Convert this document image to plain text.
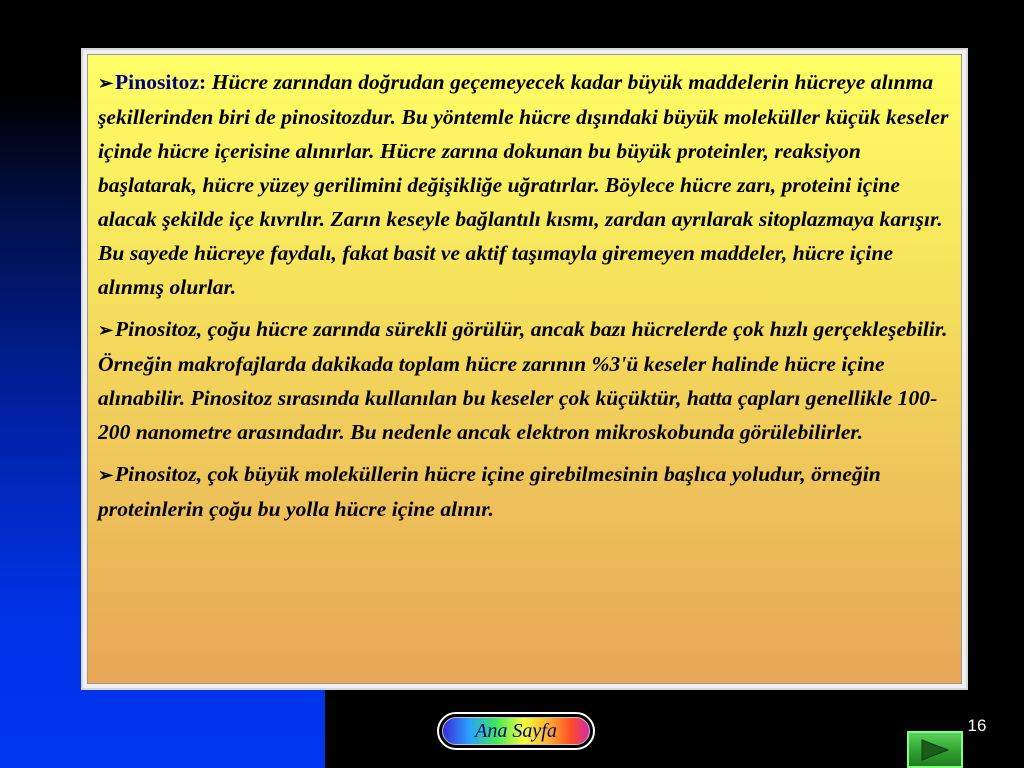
➢Pinositoz: Hücre zarından doğrudan geçemeyecek kadar büyük maddelerin hücreye alınma şekillerinden biri de pinositozdur. Bu yöntemle hücre dışındaki büyük moleküller küçük keseler içinde hücre içerisine alınırlar. Hücre zarına dokunan bu büyük proteinler, reaksiyon başlatarak, hücre yüzey gerilimini değişikliğe uğratırlar. Böylece hücre zarı, proteini içine alacak şekilde içe kıvrılır. Zarın keseyle bağlantılı kısmı, zardan ayrılarak sitoplazmaya karışır. Bu sayede hücreye faydalı, fakat basit ve aktif taşımayla giremeyen maddeler, hücre içine alınmış olurlar.

➢Pinositoz, çoğu hücre zarında sürekli görülür, ancak bazı hücrelerde çok hızlı gerçekleşebilir. Örneğin makrofajlarda dakikada toplam hücre zarının %3'ü keseler halinde hücre içine alınabilir. Pinositoz sırasında kullanılan bu keseler çok küçüktür, hatta çapları genellikle 100-200 nanometre arasındadır. Bu nedenle ancak elektron mikroskobunda görülebilirler.

➢Pinositoz, çok büyük moleküllerin hücre içine girebilmesinin başlıca yoludur, örneğin proteinlerin çoğu bu yolla hücre içine alınır.

Ana Sayfa	16
